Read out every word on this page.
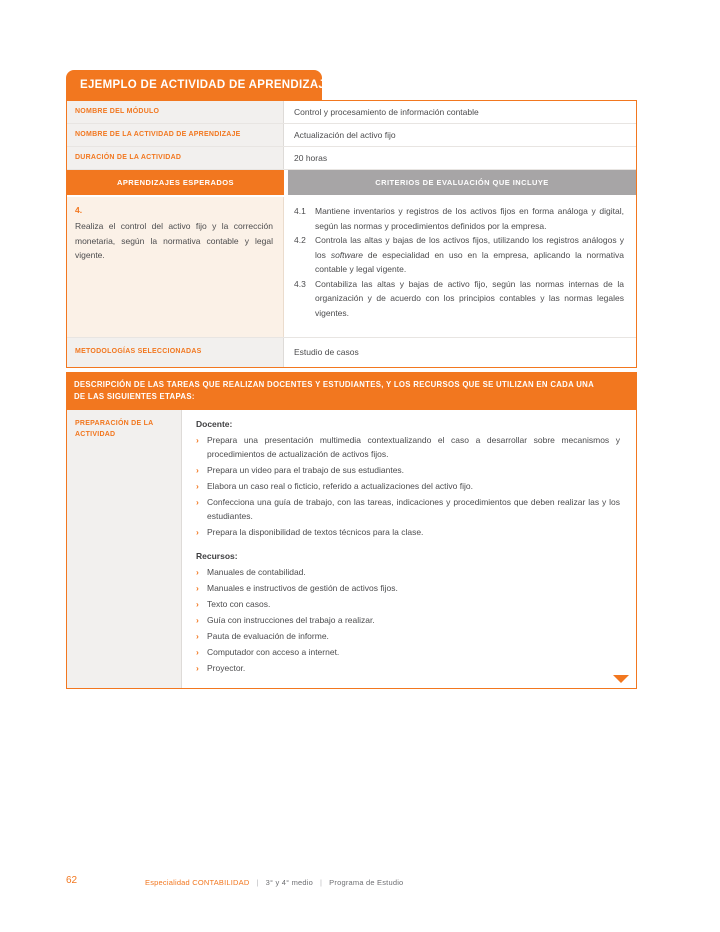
EJEMPLO DE ACTIVIDAD DE APRENDIZAJE
NOMBRE DEL MÓDULO	Control y procesamiento de información contable
NOMBRE DE LA ACTIVIDAD DE APRENDIZAJE	Actualización del activo fijo
DURACIÓN DE LA ACTIVIDAD	20 horas
APRENDIZAJES ESPERADOS	CRITERIOS DE EVALUACIÓN QUE INCLUYE
4.
Realiza el control del activo fijo y la corrección monetaria, según la normativa contable y legal vigente.
4.1	Mantiene inventarios y registros de los activos fijos en forma análoga y digital, según las normas y procedimientos definidos por la empresa.
4.2	Controla las altas y bajas de los activos fijos, utilizando los registros análogos y los software de especialidad en uso en la empresa, aplicando la normativa contable y legal vigente.
4.3	Contabiliza las altas y bajas de activo fijo, según las normas internas de la organización y de acuerdo con los principios contables y las normas legales vigentes.
METODOLOGÍAS SELECCIONADAS	Estudio de casos
DESCRIPCIÓN DE LAS TAREAS QUE REALIZAN DOCENTES Y ESTUDIANTES, Y LOS RECURSOS QUE SE UTILIZAN EN CADA UNA DE LAS SIGUIENTES ETAPAS:
PREPARACIÓN DE LA ACTIVIDAD
Docente:
› Prepara una presentación multimedia contextualizando el caso a desarrollar sobre mecanismos y procedimientos de actualización de activos fijos.
› Prepara un video para el trabajo de sus estudiantes.
› Elabora un caso real o ficticio, referido a actualizaciones del activo fijo.
› Confecciona una guía de trabajo, con las tareas, indicaciones y procedimientos que deben realizar las y los estudiantes.
› Prepara la disponibilidad de textos técnicos para la clase.
Recursos:
› Manuales de contabilidad.
› Manuales e instructivos de gestión de activos fijos.
› Texto con casos.
› Guía con instrucciones del trabajo a realizar.
› Pauta de evaluación de informe.
› Computador con acceso a internet.
› Proyector.
62	Especialidad CONTABILIDAD | 3° y 4° medio | Programa de Estudio
